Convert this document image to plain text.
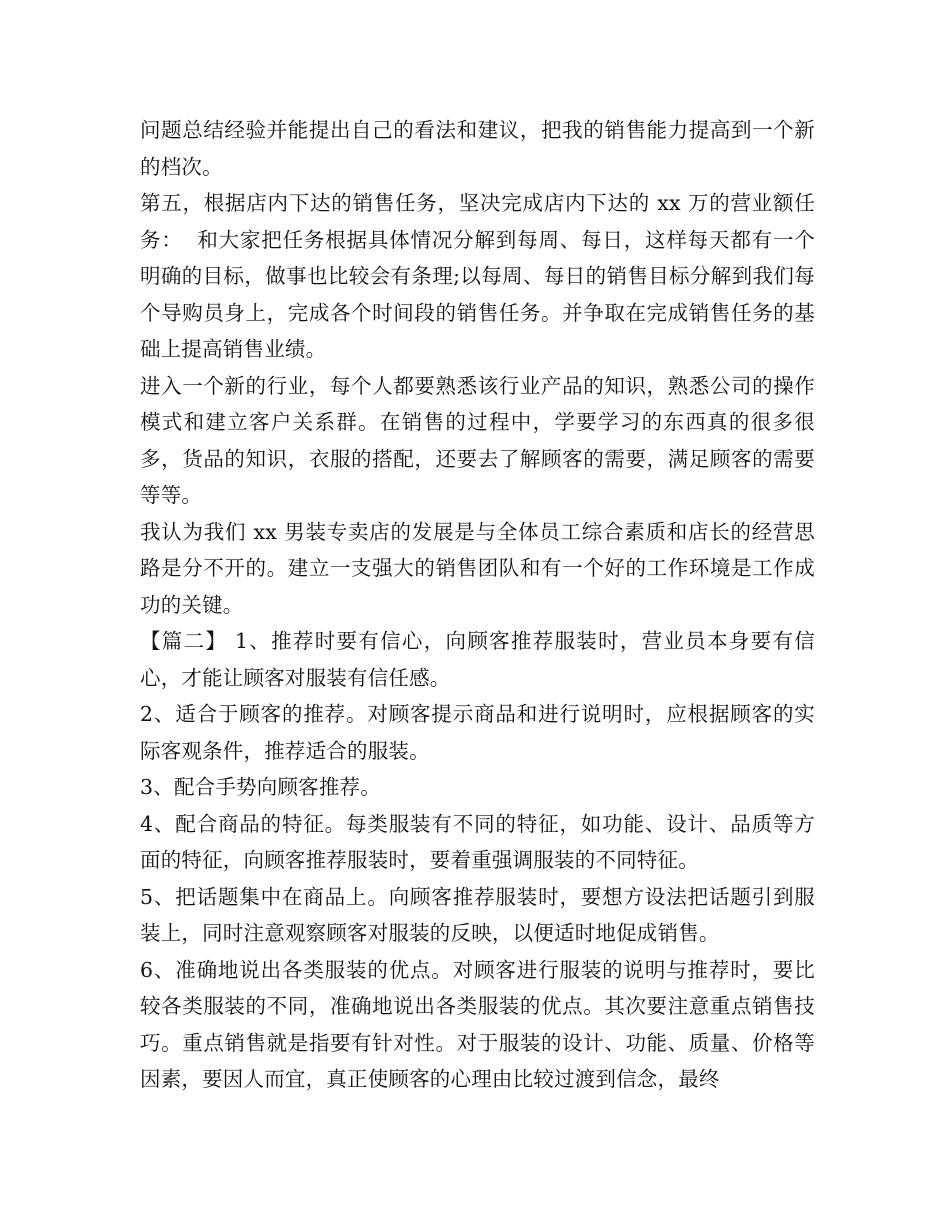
问题总结经验并能提出自己的看法和建议，把我的销售能力提高到一个新的档次。

第五，根据店内下达的销售任务，坚决完成店内下达的 xx 万的营业额任务：  和大家把任务根据具体情况分解到每周、每日，这样每天都有一个明确的目标，做事也比较会有条理;以每周、每日的销售目标分解到我们每个导购员身上，完成各个时间段的销售任务。并争取在完成销售任务的基础上提高销售业绩。

进入一个新的行业，每个人都要熟悉该行业产品的知识，熟悉公司的操作模式和建立客户关系群。在销售的过程中，学要学习的东西真的很多很多，货品的知识，衣服的搭配，还要去了解顾客的需要，满足顾客的需要等等。

我认为我们 xx 男装专卖店的发展是与全体员工综合素质和店长的经营思路是分不开的。建立一支强大的销售团队和有一个好的工作环境是工作成功的关键。

【篇二】 1、推荐时要有信心，向顾客推荐服装时，营业员本身要有信心，才能让顾客对服装有信任感。

2、适合于顾客的推荐。对顾客提示商品和进行说明时，应根据顾客的实际客观条件，推荐适合的服装。

3、配合手势向顾客推荐。

4、配合商品的特征。每类服装有不同的特征，如功能、设计、品质等方面的特征，向顾客推荐服装时，要着重强调服装的不同特征。

5、把话题集中在商品上。向顾客推荐服装时，要想方设法把话题引到服装上，同时注意观察顾客对服装的反映，以便适时地促成销售。

6、准确地说出各类服装的优点。对顾客进行服装的说明与推荐时，要比较各类服装的不同，准确地说出各类服装的优点。其次要注意重点销售技巧。重点销售就是指要有针对性。对于服装的设计、功能、质量、价格等因素，要因人而宜，真正使顾客的心理由比较过渡到信念，最终
